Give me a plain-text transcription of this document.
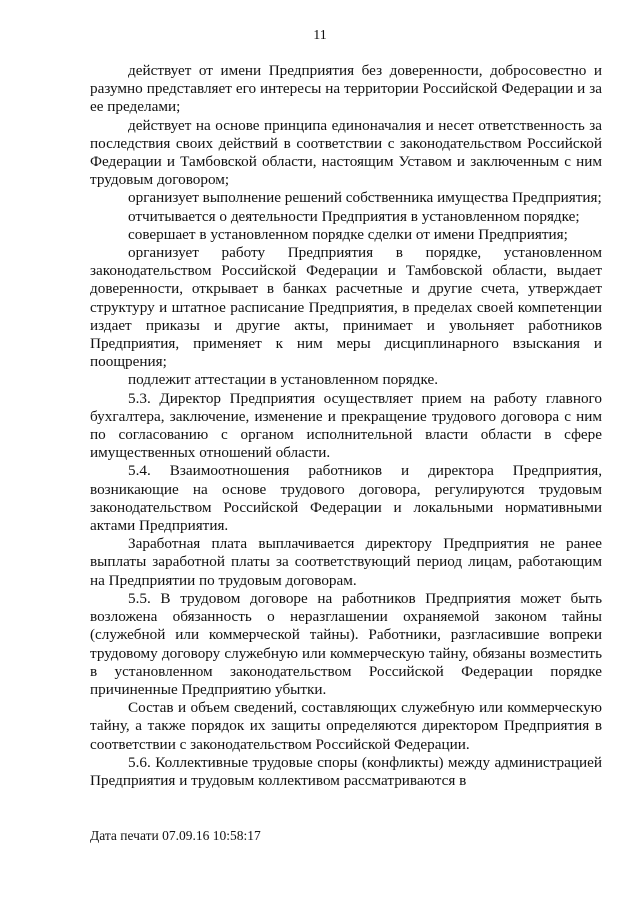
11

действует от имени Предприятия без доверенности, добросовестно и разумно представляет его интересы на территории Российской Федерации и за ее пределами;

действует на основе принципа единоначалия и несет ответственность за последствия своих действий в соответствии с законодательством Российской Федерации и Тамбовской области, настоящим Уставом и заключенным с ним трудовым договором;

организует выполнение решений собственника имущества Предприятия;

отчитывается о деятельности Предприятия в установленном порядке;

совершает в установленном порядке сделки от имени Предприятия;

организует работу Предприятия в порядке, установленном законодательством Российской Федерации и Тамбовской области, выдает доверенности, открывает в банках расчетные и другие счета, утверждает структуру и штатное расписание Предприятия, в пределах своей компетенции издает приказы и другие акты, принимает и увольняет работников Предприятия, применяет к ним меры дисциплинарного взыскания и поощрения;

подлежит аттестации в установленном порядке.

5.3. Директор Предприятия осуществляет прием на работу главного бухгалтера, заключение, изменение и прекращение трудового договора с ним по согласованию с органом исполнительной власти области в сфере имущественных отношений области.

5.4. Взаимоотношения работников и директора Предприятия, возникающие на основе трудового договора, регулируются трудовым законодательством Российской Федерации и локальными нормативными актами Предприятия.

Заработная плата выплачивается директору Предприятия не ранее выплаты заработной платы за соответствующий период лицам, работающим на Предприятии по трудовым договорам.

5.5. В трудовом договоре на работников Предприятия может быть возложена обязанность о неразглашении охраняемой законом тайны (служебной или коммерческой тайны). Работники, разгласившие вопреки трудовому договору служебную или коммерческую тайну, обязаны возместить в установленном законодательством Российской Федерации порядке причиненные Предприятию убытки.

Состав и объем сведений, составляющих служебную или коммерческую тайну, а также порядок их защиты определяются директором Предприятия в соответствии с законодательством Российской Федерации.

5.6. Коллективные трудовые споры (конфликты) между администрацией Предприятия и трудовым коллективом рассматриваются в

Дата печати 07.09.16 10:58:17
